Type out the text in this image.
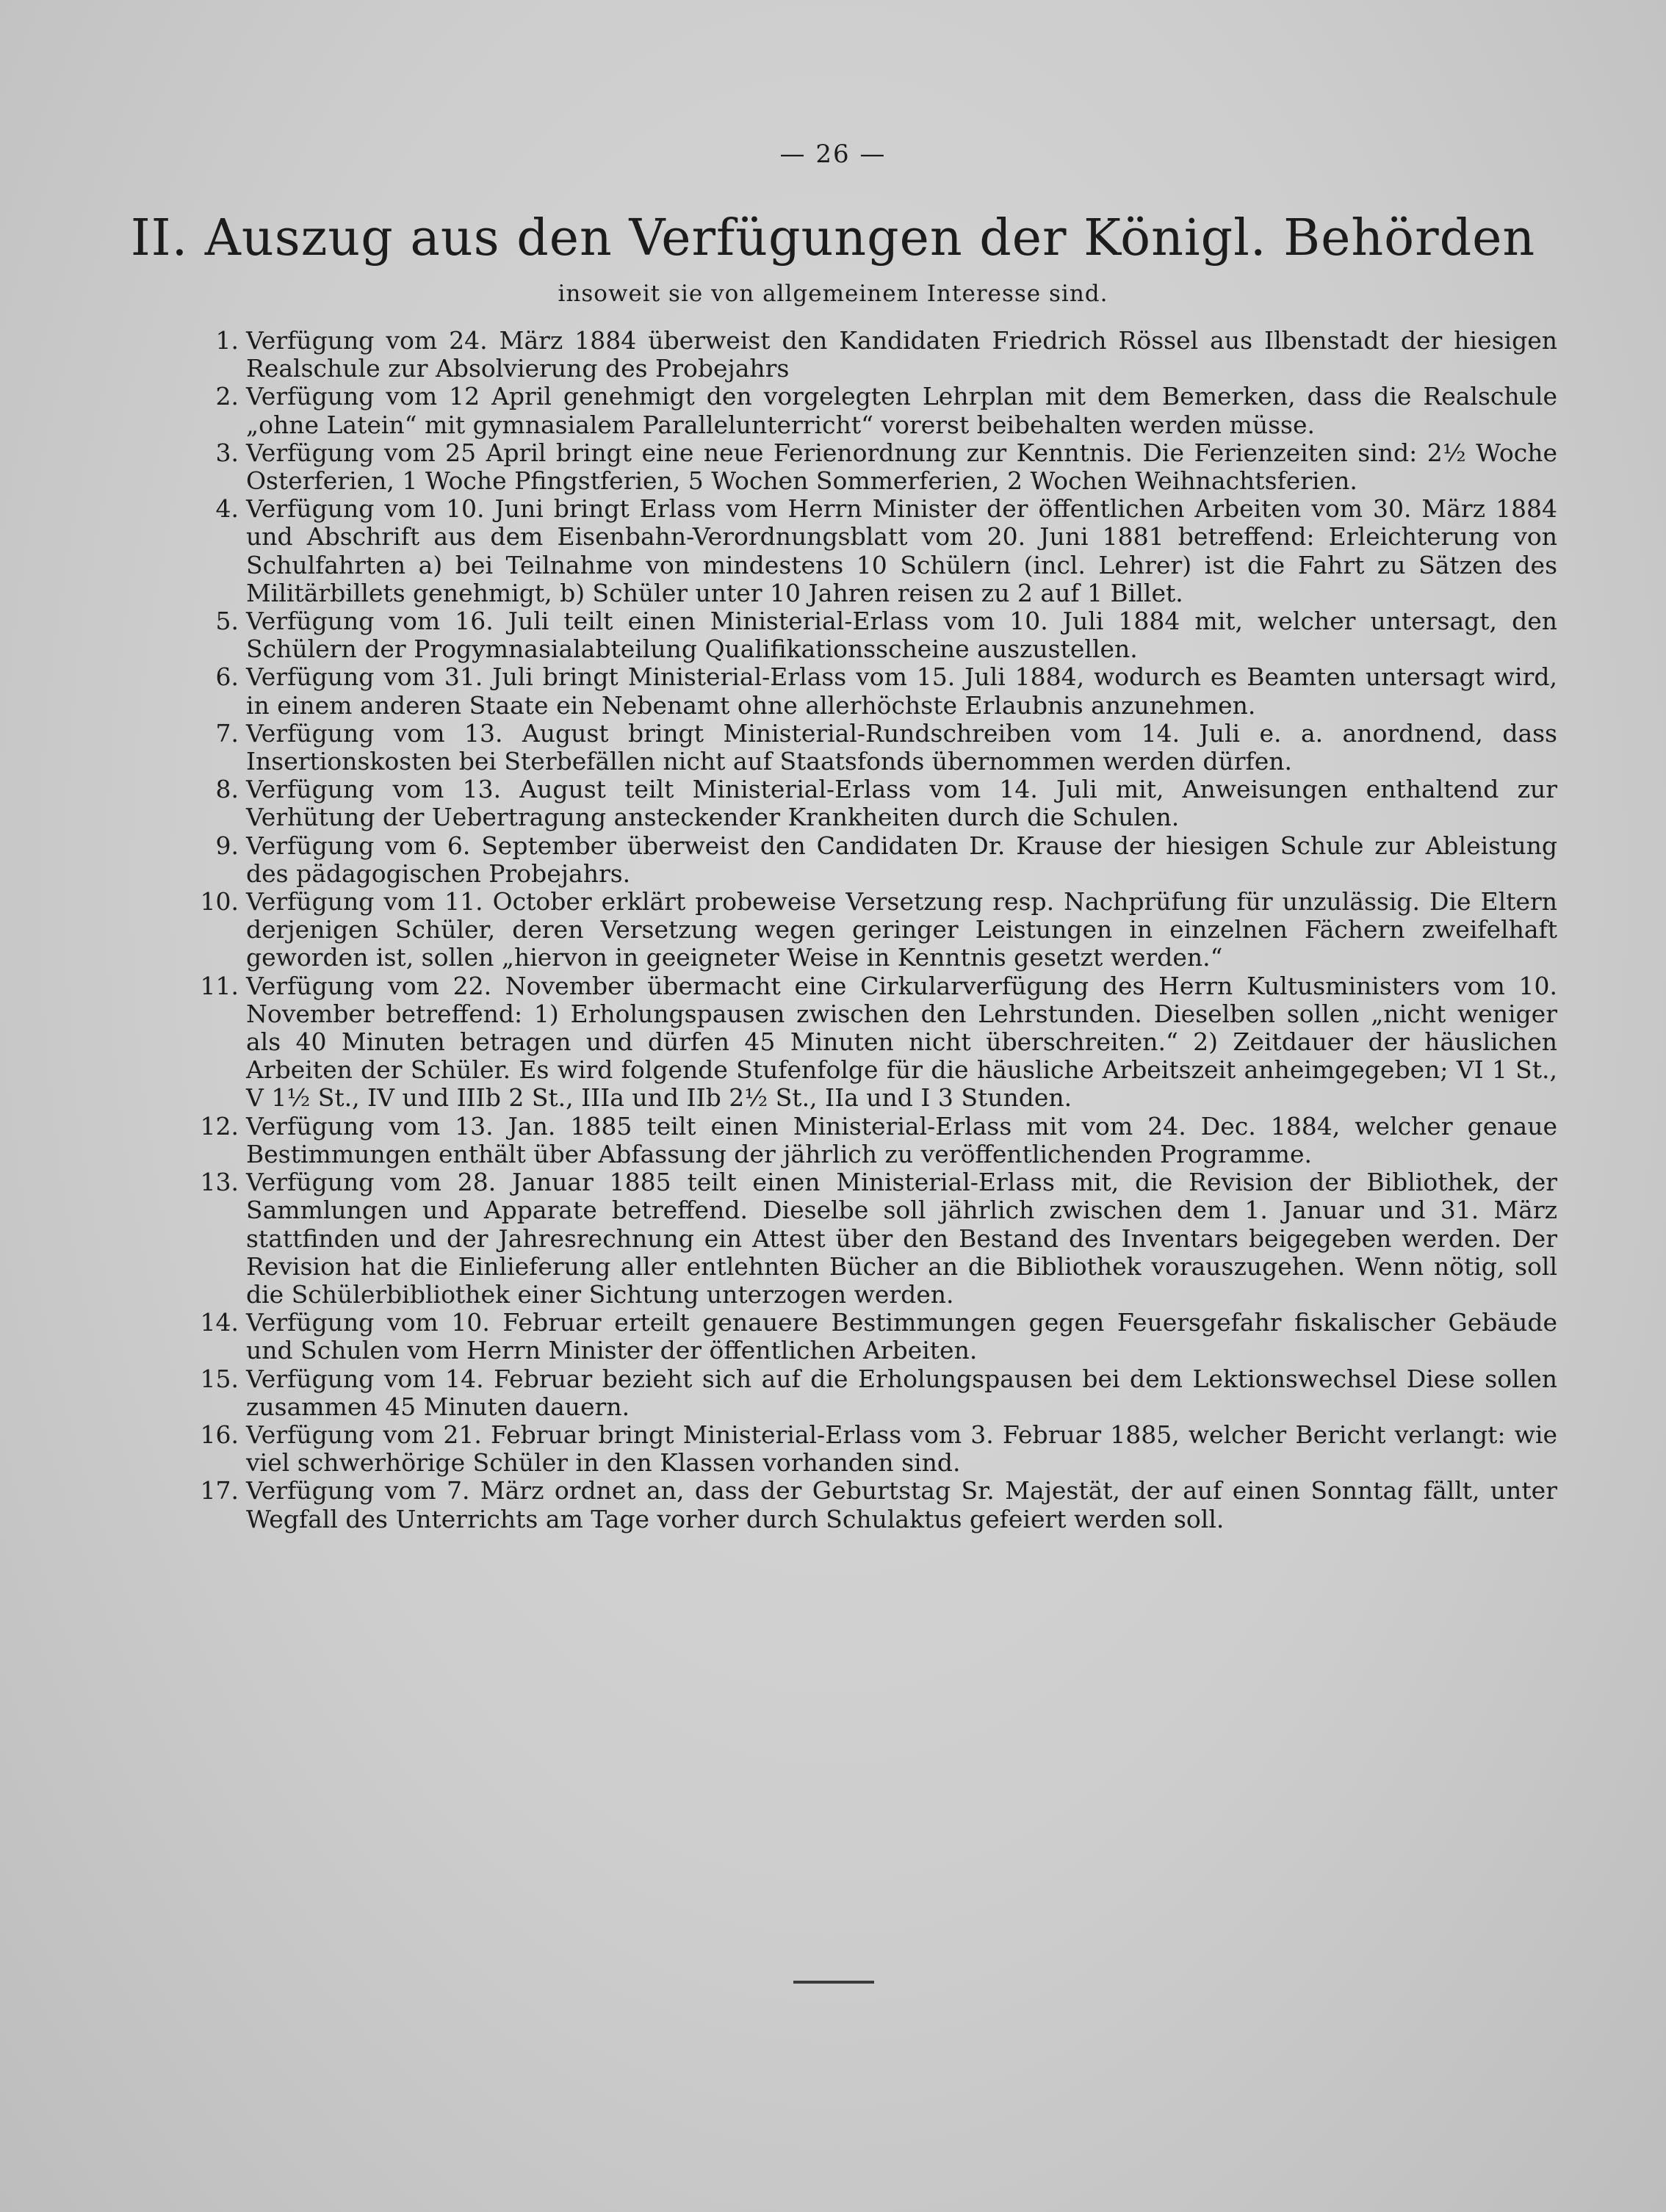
— 26 —
II. Auszug aus den Verfügungen der Königl. Behörden
insoweit sie von allgemeinem Interesse sind.
1. Verfügung vom 24. März 1884 überweist den Kandidaten Friedrich Rössel aus Ilbenstadt der hiesigen Realschule zur Absolvierung des Probejahrs
2. Verfügung vom 12 April genehmigt den vorgelegten Lehrplan mit dem Bemerken, dass die Realschule „ohne Latein“ mit gymnasialem Parallelunterricht“ vorerst beibehalten werden müsse.
3. Verfügung vom 25 April bringt eine neue Ferienordnung zur Kenntnis. Die Ferienzeiten sind: 2½ Woche Osterferien, 1 Woche Pfingstferien, 5 Wochen Sommerferien, 2 Wochen Weihnachtsferien.
4. Verfügung vom 10. Juni bringt Erlass vom Herrn Minister der öffentlichen Arbeiten vom 30. März 1884 und Abschrift aus dem Eisenbahn-Verordnungsblatt vom 20. Juni 1881 betreffend: Erleichterung von Schulfahrten a) bei Teilnahme von mindestens 10 Schülern (incl. Lehrer) ist die Fahrt zu Sätzen des Militärbillets genehmigt, b) Schüler unter 10 Jahren reisen zu 2 auf 1 Billet.
5. Verfügung vom 16. Juli teilt einen Ministerial-Erlass vom 10. Juli 1884 mit, welcher untersagt, den Schülern der Progymnasialabteilung Qualifikationsscheine auszustellen.
6. Verfügung vom 31. Juli bringt Ministerial-Erlass vom 15. Juli 1884, wodurch es Beamten untersagt wird, in einem anderen Staate ein Nebenamt ohne allerhöchste Erlaubnis anzunehmen.
7. Verfügung vom 13. August bringt Ministerial-Rundschreiben vom 14. Juli e. a. anordnend, dass Insertionskosten bei Sterbefällen nicht auf Staatsfonds übernommen werden dürfen.
8. Verfügung vom 13. August teilt Ministerial-Erlass vom 14. Juli mit, Anweisungen enthaltend zur Verhütung der Uebertragung ansteckender Krankheiten durch die Schulen.
9. Verfügung vom 6. September überweist den Candidaten Dr. Krause der hiesigen Schule zur Ableistung des pädagogischen Probejahrs.
10. Verfügung vom 11. October erklärt probeweise Versetzung resp. Nachprüfung für unzulässig. Die Eltern derjenigen Schüler, deren Versetzung wegen geringer Leistungen in einzelnen Fächern zweifelhaft geworden ist, sollen „hiervon in geeigneter Weise in Kenntnis gesetzt werden.“
11. Verfügung vom 22. November übermacht eine Cirkularverfügung des Herrn Kultusministers vom 10. November betreffend: 1) Erholungspausen zwischen den Lehrstunden. Dieselben sollen „nicht weniger als 40 Minuten betragen und dürfen 45 Minuten nicht überschreiten.“ 2) Zeitdauer der häuslichen Arbeiten der Schüler. Es wird folgende Stufenfolge für die häusliche Arbeitszeit anheimgegeben; VI 1 St., V 1½ St., IV und IIIb 2 St., IIIa und IIb 2½ St., IIa und I 3 Stunden.
12. Verfügung vom 13. Jan. 1885 teilt einen Ministerial-Erlass mit vom 24. Dec. 1884, welcher genaue Bestimmungen enthält über Abfassung der jährlich zu veröffentlichenden Programme.
13. Verfügung vom 28. Januar 1885 teilt einen Ministerial-Erlass mit, die Revision der Bibliothek, der Sammlungen und Apparate betreffend. Dieselbe soll jährlich zwischen dem 1. Januar und 31. März stattfinden und der Jahresrechnung ein Attest über den Bestand des Inventars beigegeben werden. Der Revision hat die Einlieferung aller entlehnten Bücher an die Bibliothek vorauszugehen. Wenn nötig, soll die Schülerbibliothek einer Sichtung unterzogen werden.
14. Verfügung vom 10. Februar erteilt genauere Bestimmungen gegen Feuersgefahr fiskalischer Gebäude und Schulen vom Herrn Minister der öffentlichen Arbeiten.
15. Verfügung vom 14. Februar bezieht sich auf die Erholungspausen bei dem Lektionswechsel Diese sollen zusammen 45 Minuten dauern.
16. Verfügung vom 21. Februar bringt Ministerial-Erlass vom 3. Februar 1885, welcher Bericht verlangt: wie viel schwerhörige Schüler in den Klassen vorhanden sind.
17. Verfügung vom 7. März ordnet an, dass der Geburtstag Sr. Majestät, der auf einen Sonntag fällt, unter Wegfall des Unterrichts am Tage vorher durch Schulaktus gefeiert werden soll.
